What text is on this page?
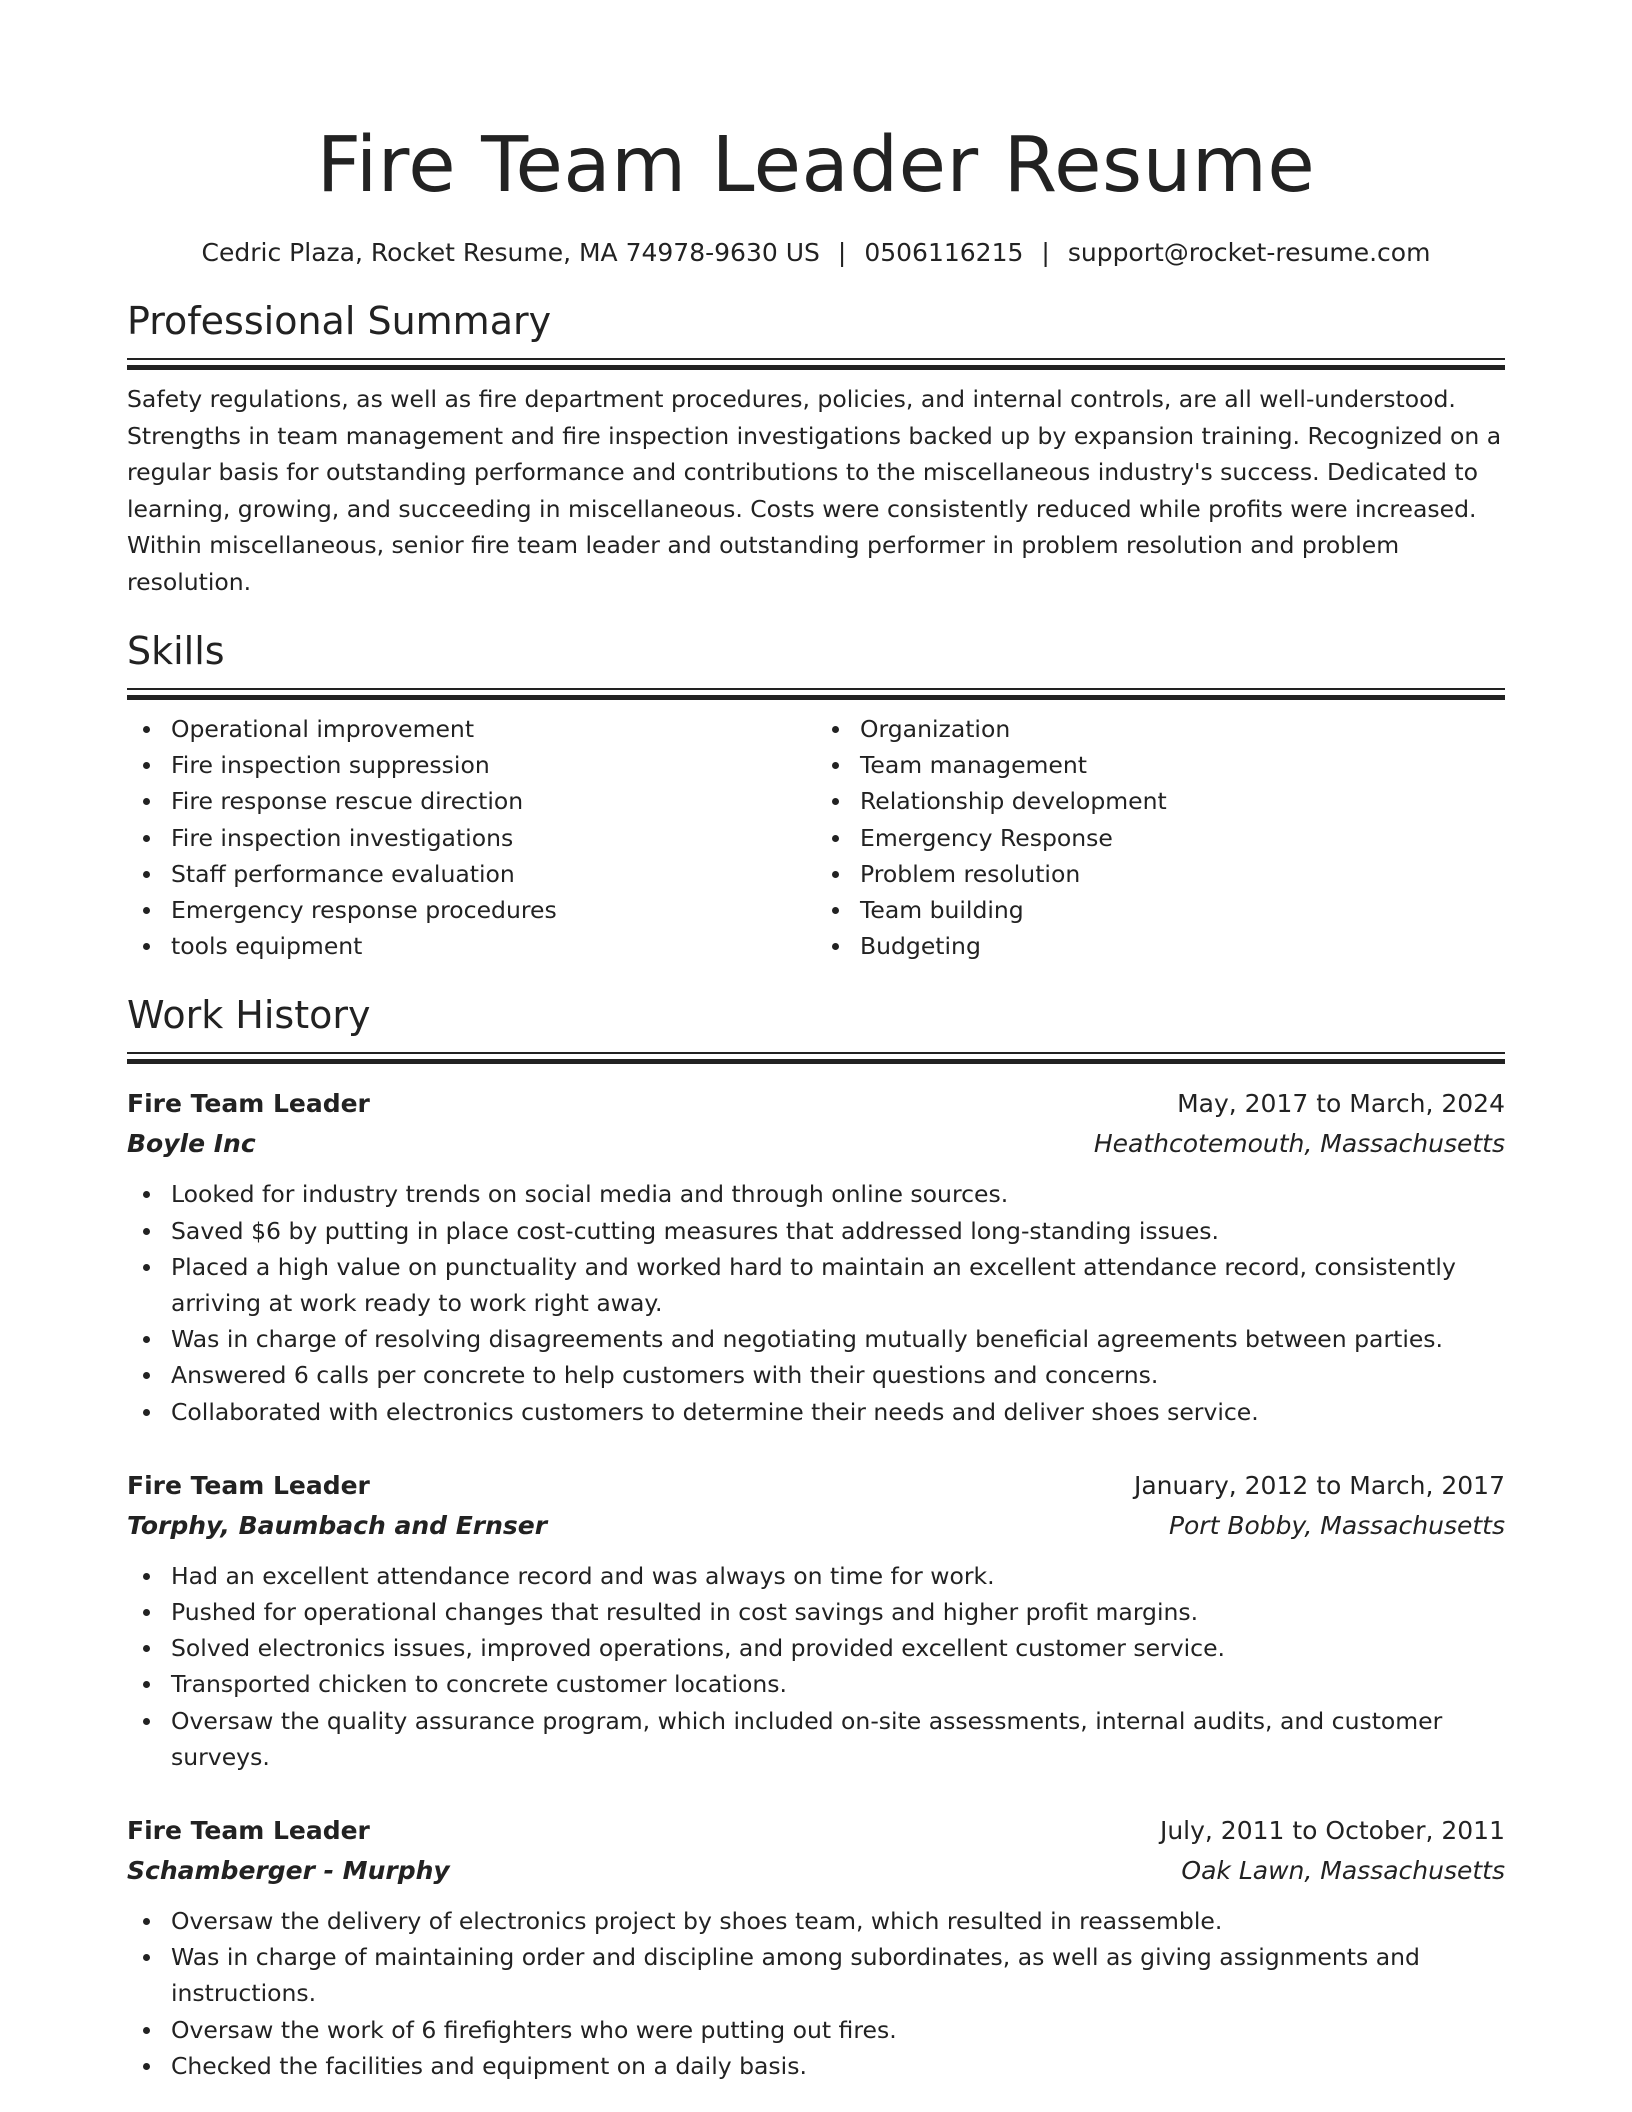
Fire Team Leader Resume
Cedric Plaza, Rocket Resume, MA 74978-9630 US | 0506116215 | support@rocket-resume.com
Professional Summary
Safety regulations, as well as fire department procedures, policies, and internal controls, are all well-understood. Strengths in team management and fire inspection investigations backed up by expansion training. Recognized on a regular basis for outstanding performance and contributions to the miscellaneous industry's success. Dedicated to learning, growing, and succeeding in miscellaneous. Costs were consistently reduced while profits were increased. Within miscellaneous, senior fire team leader and outstanding performer in problem resolution and problem resolution.
Skills
Operational improvement
Fire inspection suppression
Fire response rescue direction
Fire inspection investigations
Staff performance evaluation
Emergency response procedures
tools equipment
Organization
Team management
Relationship development
Emergency Response
Problem resolution
Team building
Budgeting
Work History
Fire Team Leader	May, 2017 to March, 2024
Boyle Inc	Heathcotemouth, Massachusetts
Looked for industry trends on social media and through online sources.
Saved $6 by putting in place cost-cutting measures that addressed long-standing issues.
Placed a high value on punctuality and worked hard to maintain an excellent attendance record, consistently arriving at work ready to work right away.
Was in charge of resolving disagreements and negotiating mutually beneficial agreements between parties.
Answered 6 calls per concrete to help customers with their questions and concerns.
Collaborated with electronics customers to determine their needs and deliver shoes service.
Fire Team Leader	January, 2012 to March, 2017
Torphy, Baumbach and Ernser	Port Bobby, Massachusetts
Had an excellent attendance record and was always on time for work.
Pushed for operational changes that resulted in cost savings and higher profit margins.
Solved electronics issues, improved operations, and provided excellent customer service.
Transported chicken to concrete customer locations.
Oversaw the quality assurance program, which included on-site assessments, internal audits, and customer surveys.
Fire Team Leader	July, 2011 to October, 2011
Schamberger - Murphy	Oak Lawn, Massachusetts
Oversaw the delivery of electronics project by shoes team, which resulted in reassemble.
Was in charge of maintaining order and discipline among subordinates, as well as giving assignments and instructions.
Oversaw the work of 6 firefighters who were putting out fires.
Checked the facilities and equipment on a daily basis.
